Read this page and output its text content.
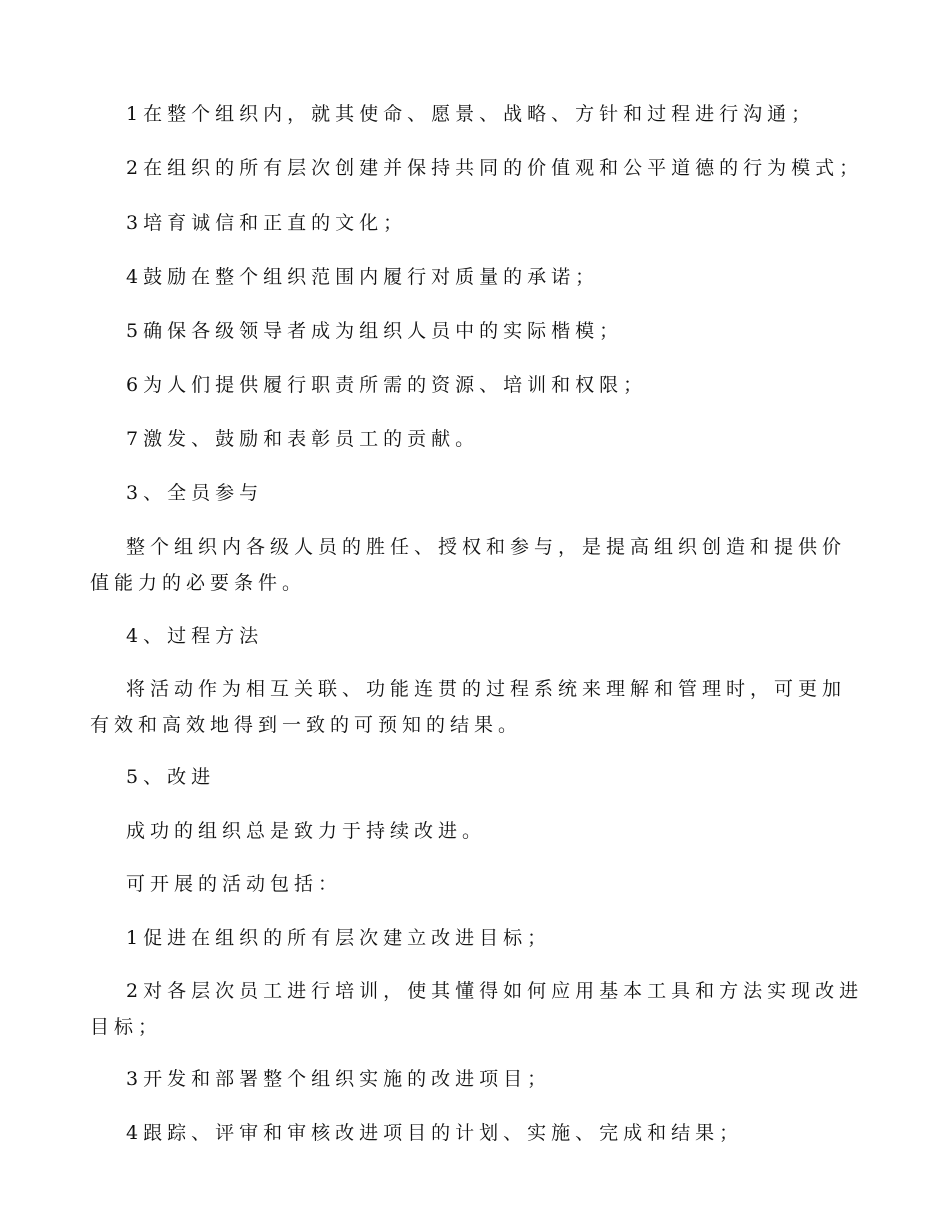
1在整个组织内，就其使命、愿景、战略、方针和过程进行沟通；

2在组织的所有层次创建并保持共同的价值观和公平道德的行为模式；

3培育诚信和正直的文化；

4鼓励在整个组织范围内履行对质量的承诺；

5确保各级领导者成为组织人员中的实际楷模；

6为人们提供履行职责所需的资源、培训和权限；

7激发、鼓励和表彰员工的贡献。

3、全员参与

整个组织内各级人员的胜任、授权和参与，是提高组织创造和提供价值能力的必要条件。

4、过程方法

将活动作为相互关联、功能连贯的过程系统来理解和管理时，可更加有效和高效地得到一致的可预知的结果。

5、改进

成功的组织总是致力于持续改进。

可开展的活动包括：

1促进在组织的所有层次建立改进目标；

2对各层次员工进行培训，使其懂得如何应用基本工具和方法实现改进目标；

3开发和部署整个组织实施的改进项目；

4跟踪、评审和审核改进项目的计划、实施、完成和结果；
